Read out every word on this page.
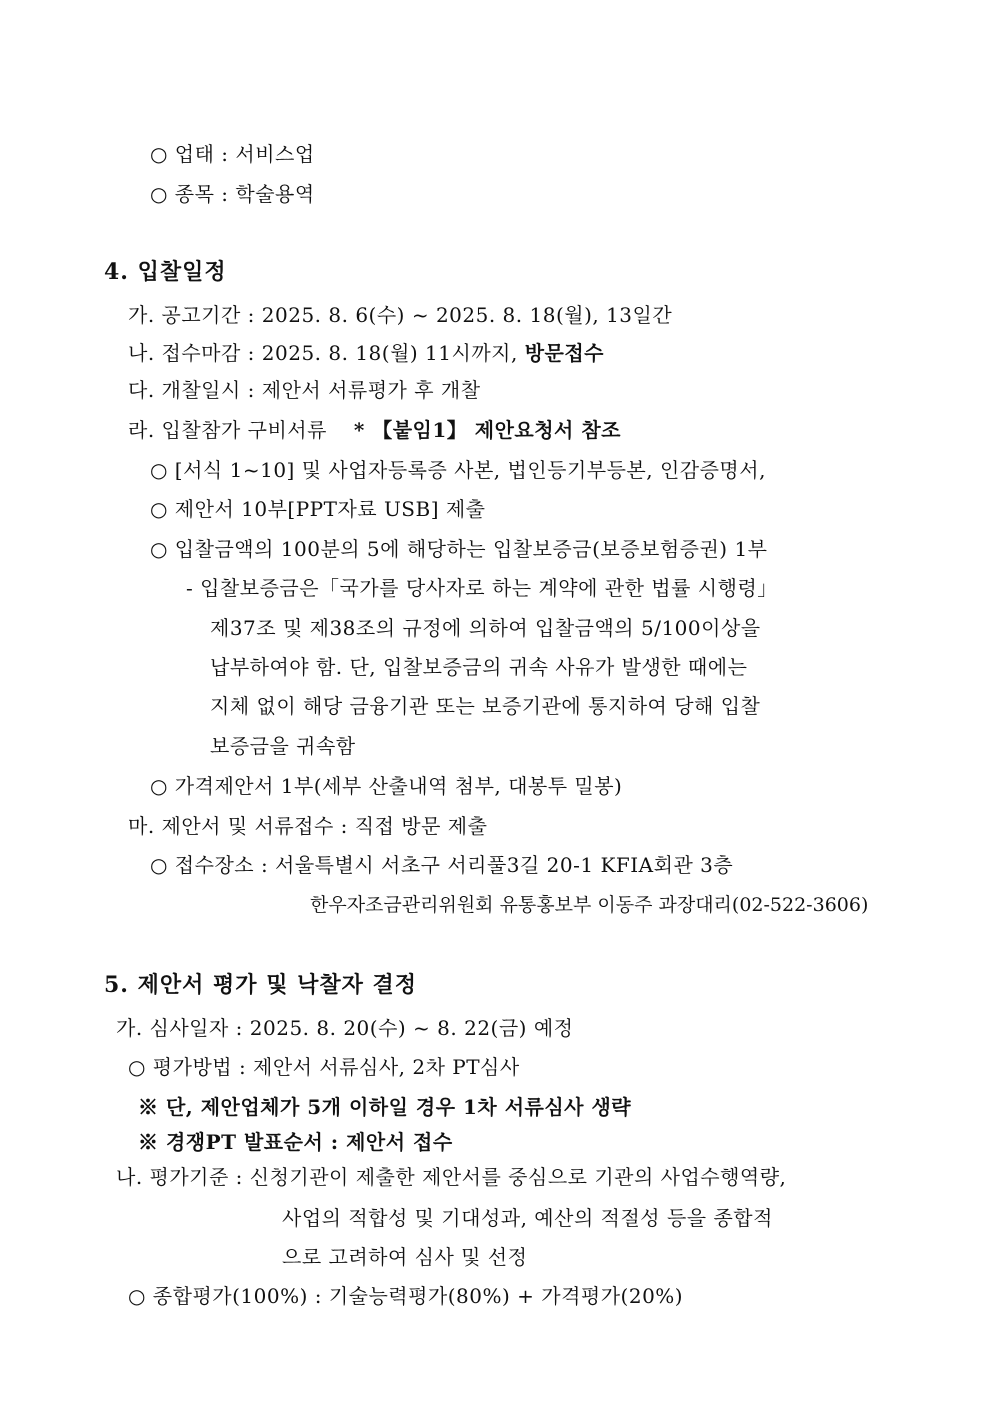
○ 업태 : 서비스업
○ 종목 : 학술용역
4. 입찰일정
가. 공고기간 : 2025. 8. 6(수) ~ 2025. 8. 18(월), 13일간
나. 접수마감 : 2025. 8. 18(월) 11시까지, 방문접수
다. 개찰일시 : 제안서 서류평가 후 개찰
라. 입찰참가 구비서류 * 【붙임1】 제안요청서 참조
○ [서식 1~10] 및 사업자등록증 사본, 법인등기부등본, 인감증명서,
○ 제안서 10부[PPT자료 USB] 제출
○ 입찰금액의 100분의 5에 해당하는 입찰보증금(보증보험증권) 1부
- 입찰보증금은「국가를 당사자로 하는 계약에 관한 법률 시행령」
제37조 및 제38조의 규정에 의하여 입찰금액의 5/100이상을
납부하여야 함. 단, 입찰보증금의 귀속 사유가 발생한 때에는
지체 없이 해당 금융기관 또는 보증기관에 통지하여 당해 입찰
보증금을 귀속함
○ 가격제안서 1부(세부 산출내역 첨부, 대봉투 밀봉)
마. 제안서 및 서류접수 : 직접 방문 제출
○ 접수장소 : 서울특별시 서초구 서리풀3길 20-1 KFIA회관 3층
한우자조금관리위원회 유통홍보부 이동주 과장대리(02-522-3606)
5. 제안서 평가 및 낙찰자 결정
가. 심사일자 : 2025. 8. 20(수) ~ 8. 22(금) 예정
○ 평가방법 : 제안서 서류심사, 2차 PT심사
※ 단, 제안업체가 5개 이하일 경우 1차 서류심사 생략
※ 경쟁PT 발표순서 : 제안서 접수
나. 평가기준 : 신청기관이 제출한 제안서를 중심으로 기관의 사업수행역량,
사업의 적합성 및 기대성과, 예산의 적절성 등을 종합적
으로 고려하여 심사 및 선정
○ 종합평가(100%) : 기술능력평가(80%) + 가격평가(20%)
